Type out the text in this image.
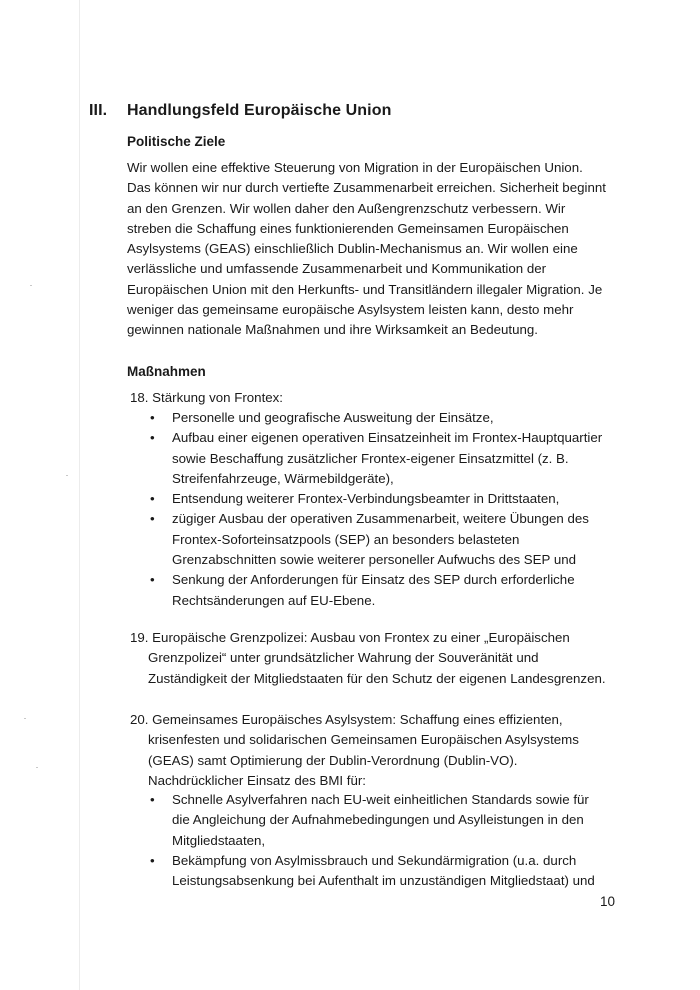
III. Handlungsfeld Europäische Union
Politische Ziele
Wir wollen eine effektive Steuerung von Migration in der Europäischen Union.
Das können wir nur durch vertiefte Zusammenarbeit erreichen. Sicherheit beginnt
an den Grenzen. Wir wollen daher den Außengrenzschutz verbessern. Wir
streben die Schaffung eines funktionierenden Gemeinsamen Europäischen
Asylsystems (GEAS) einschließlich Dublin-Mechanismus an. Wir wollen eine
verlässliche und umfassende Zusammenarbeit und Kommunikation der
Europäischen Union mit den Herkunfts- und Transitländern illegaler Migration. Je
weniger das gemeinsame europäische Asylsystem leisten kann, desto mehr
gewinnen nationale Maßnahmen und ihre Wirksamkeit an Bedeutung.
Maßnahmen
18. Stärkung von Frontex:
• Personelle und geografische Ausweitung der Einsätze,
• Aufbau einer eigenen operativen Einsatzeinheit im Frontex-Hauptquartier
sowie Beschaffung zusätzlicher Frontex-eigener Einsatzmittel (z. B.
Streifenfahrzeuge, Wärmebildgeräte),
• Entsendung weiterer Frontex-Verbindungsbeamter in Drittstaaten,
• zügiger Ausbau der operativen Zusammenarbeit, weitere Übungen des
Frontex-Soforteinsatzpools (SEP) an besonders belasteten
Grenzabschnitten sowie weiterer personeller Aufwuchs des SEP und
• Senkung der Anforderungen für Einsatz des SEP durch erforderliche
Rechtsänderungen auf EU-Ebene.
19. Europäische Grenzpolizei: Ausbau von Frontex zu einer „Europäischen
Grenzpolizei“ unter grundsätzlicher Wahrung der Souveränität und
Zuständigkeit der Mitgliedstaaten für den Schutz der eigenen Landesgrenzen.
20. Gemeinsames Europäisches Asylsystem: Schaffung eines effizienten,
krisenfesten und solidarischen Gemeinsamen Europäischen Asylsystems
(GEAS) samt Optimierung der Dublin-Verordnung (Dublin-VO).
Nachdrücklicher Einsatz des BMI für:
• Schnelle Asylverfahren nach EU-weit einheitlichen Standards sowie für
die Angleichung der Aufnahmebedingungen und Asylleistungen in den
Mitgliedstaaten,
• Bekämpfung von Asylmissbrauch und Sekundärmigration (u.a. durch
Leistungsabsenkung bei Aufenthalt im unzuständigen Mitgliedstaat) und
10
